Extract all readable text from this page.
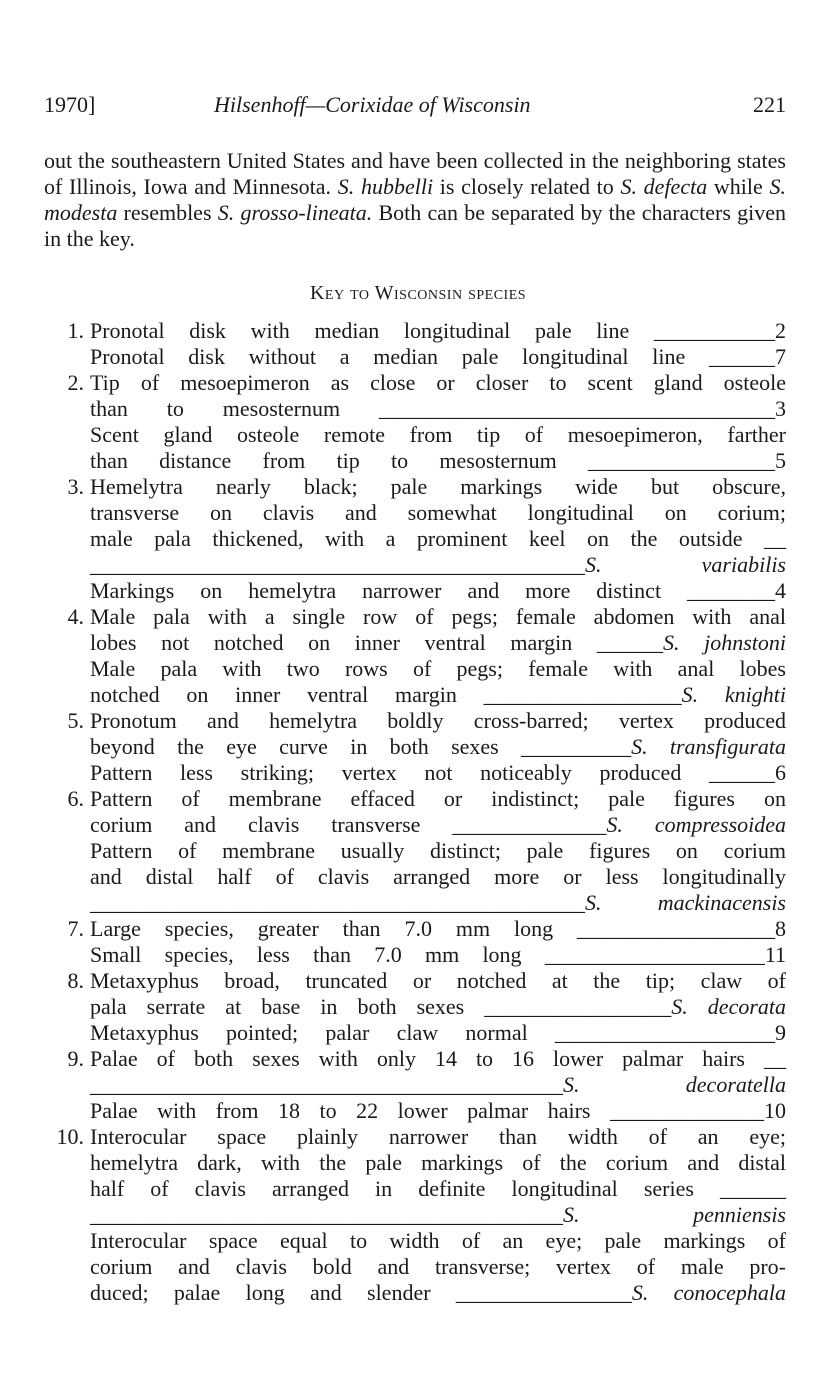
1970]	Hilsenhoff—Corixidae of Wisconsin	221
out the southeastern United States and have been collected in the neighboring states of Illinois, Iowa and Minnesota. S. hubbelli is closely related to S. defecta while S. modesta resembles S. grosso-lineata. Both can be separated by the characters given in the key.
Key to Wisconsin species
1. Pronotal disk with median longitudinal pale line ___________2
Pronotal disk without a median pale longitudinal line ______7
2. Tip of mesoepimeron as close or closer to scent gland osteole
than to mesosternum ____________________________________3
Scent gland osteole remote from tip of mesoepimeron, farther
than distance from tip to mesosternum _________________5
3. Hemelytra nearly black; pale markings wide but obscure,
transverse on clavis and somewhat longitudinal on corium;
male pala thickened, with a prominent keel on the outside __
_____________________________________________S. variabilis
Markings on hemelytra narrower and more distinct ________4
4. Male pala with a single row of pegs; female abdomen with anal
lobes not notched on inner ventral margin ______S. johnstoni
Male pala with two rows of pegs; female with anal lobes
notched on inner ventral margin __________________S. knighti
5. Pronotum and hemelytra boldly cross-barred; vertex produced
beyond the eye curve in both sexes __________S. transfigurata
Pattern less striking; vertex not noticeably produced ______6
6. Pattern of membrane effaced or indistinct; pale figures on
corium and clavis transverse ______________S. compressoidea
Pattern of membrane usually distinct; pale figures on corium
and distal half of clavis arranged more or less longitudinally
_____________________________________________S. mackinacensis
7. Large species, greater than 7.0 mm long __________________8
Small species, less than 7.0 mm long ____________________11
8. Metaxyphus broad, truncated or notched at the tip; claw of
pala serrate at base in both sexes _________________S. decorata
Metaxyphus pointed; palar claw normal ____________________9
9. Palae of both sexes with only 14 to 16 lower palmar hairs __
___________________________________________S. decoratella
Palae with from 18 to 22 lower palmar hairs ______________10
10. Interocular space plainly narrower than width of an eye;
hemelytra dark, with the pale markings of the corium and distal
half of clavis arranged in definite longitudinal series ______
___________________________________________S. penniensis
Interocular space equal to width of an eye; pale markings of
corium and clavis bold and transverse; vertex of male pro-
duced; palae long and slender ________________S. conocephala
